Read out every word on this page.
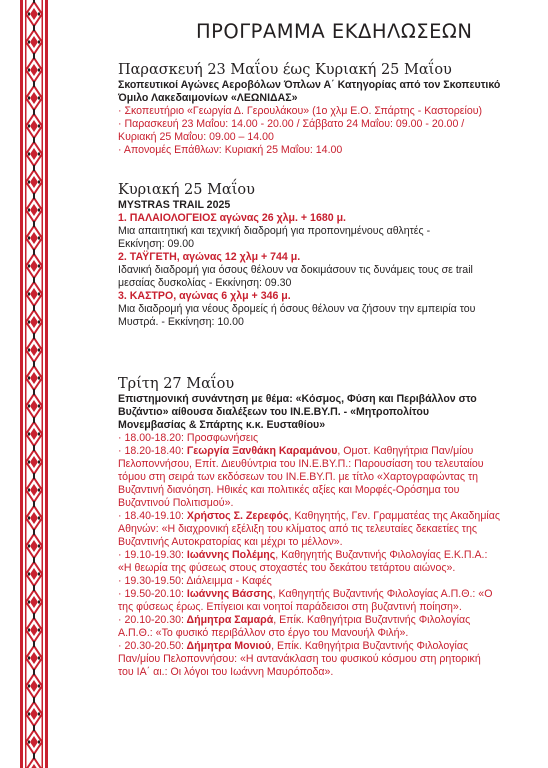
ΠΡΟΓΡΑΜΜΑ ΕΚΔΗΛΩΣΕΩΝ
Παρασκευή 23 Μαΐου έως Κυριακή 25 Μαΐου

Σκοπευτικοί Αγώνες Αεροβόλων Όπλων Α΄ Κατηγορίας από τον Σκοπευτικό

Όμιλο Λακεδαιμονίων «ΛΕΩΝΙΔΑΣ»

· Σκοπευτήριο «Γεωργία Δ. Γερουλάκου» (1ο χλμ Ε.Ο. Σπάρτης - Καστορείου)

· Παρασκευή 23 Μαΐου: 14.00 - 20.00 / Σάββατο 24 Μαΐου: 09.00 - 20.00 /

Κυριακή 25 Μαΐου: 09.00 – 14.00

· Απονομές Επάθλων: Κυριακή 25 Μαΐου: 14.00

Κυριακή 25 Μαΐου

MYSTRAS TRAIL 2025

1. ΠΑΛΑΙΟΛΟΓΕΙΟΣ αγώνας 26 χλμ. + 1680 μ.

Μια απαιτητική και τεχνική διαδρομή για προπονημένους αθλητές -

Εκκίνηση: 09.00

2. ΤΑΫΓΕΤΗ, αγώνας 12 χλμ + 744 μ.

Ιδανική διαδρομή για όσους θέλουν να δοκιμάσουν τις δυνάμεις τους σε trail

μεσαίας δυσκολίας - Εκκίνηση: 09.30

3. ΚΑΣΤΡΟ, αγώνας 6 χλμ + 346 μ.

Μια διαδρομή για νέους δρομείς ή όσους θέλουν να ζήσουν την εμπειρία του

Μυστρά. - Εκκίνηση: 10.00

Τρίτη 27 Μαΐου

Επιστημονική συνάντηση με θέμα: «Κόσμος, Φύση και Περιβάλλον στο

Βυζάντιο» αίθουσα διαλέξεων του ΙΝ.Ε.ΒΥ.Π. - «Μητροπολίτου

Μονεμβασίας & Σπάρτης κ.κ. Ευσταθίου»

· 18.00-18.20: Προσφωνήσεις

· 18.20-18.40: Γεωργία Ξανθάκη Καραμάνου, Ομοτ. Καθηγήτρια Παν/μίου

Πελοποννήσου, Επίτ. Διευθύντρια του ΙΝ.Ε.ΒΥ.Π.: Παρουσίαση του τελευταίου

τόμου στη σειρά των εκδόσεων του ΙΝ.Ε.ΒΥ.Π. με τίτλο «Χαρτογραφώντας τη

Βυζαντινή διανόηση. Ηθικές και πολιτικές αξίες και Μορφές-Ορόσημα του

Βυζαντινού Πολιτισμού».

· 18.40-19.10: Χρήστος Σ. Ζερεφός, Καθηγητής, Γεν. Γραμματέας της Ακαδημίας

Αθηνών: «Η διαχρονική εξέλιξη του κλίματος από τις τελευταίες δεκαετίες της

Βυζαντινής Αυτοκρατορίας και μέχρι το μέλλον».

· 19.10-19.30: Ιωάννης Πολέμης, Καθηγητής Βυζαντινής Φιλολογίας Ε.Κ.Π.Α.:

«Η θεωρία της φύσεως στους στοχαστές του δεκάτου τετάρτου αιώνος».

· 19.30-19.50: Διάλειμμα - Καφές

· 19.50-20.10: Ιωάννης Βάσσης, Καθηγητής Βυζαντινής Φιλολογίας Α.Π.Θ.: «Ο

της φύσεως έρως. Επίγειοι και νοητοί παράδεισοι στη βυζαντινή ποίηση».

· 20.10-20.30: Δήμητρα Σαμαρά, Επίκ. Καθηγήτρια Βυζαντινής Φιλολογίας

Α.Π.Θ.: «Το φυσικό περιβάλλον στο έργο του Μανουήλ Φιλή».

· 20.30-20.50: Δήμητρα Μονιού, Επίκ. Καθηγήτρια Βυζαντινής Φιλολογίας

Παν/μίου Πελοποννήσου: «Η αντανάκλαση του φυσικού κόσμου στη ρητορική

του ΙΑ΄ αι.: Οι λόγοι του Ιωάννη Μαυρόποδα».
